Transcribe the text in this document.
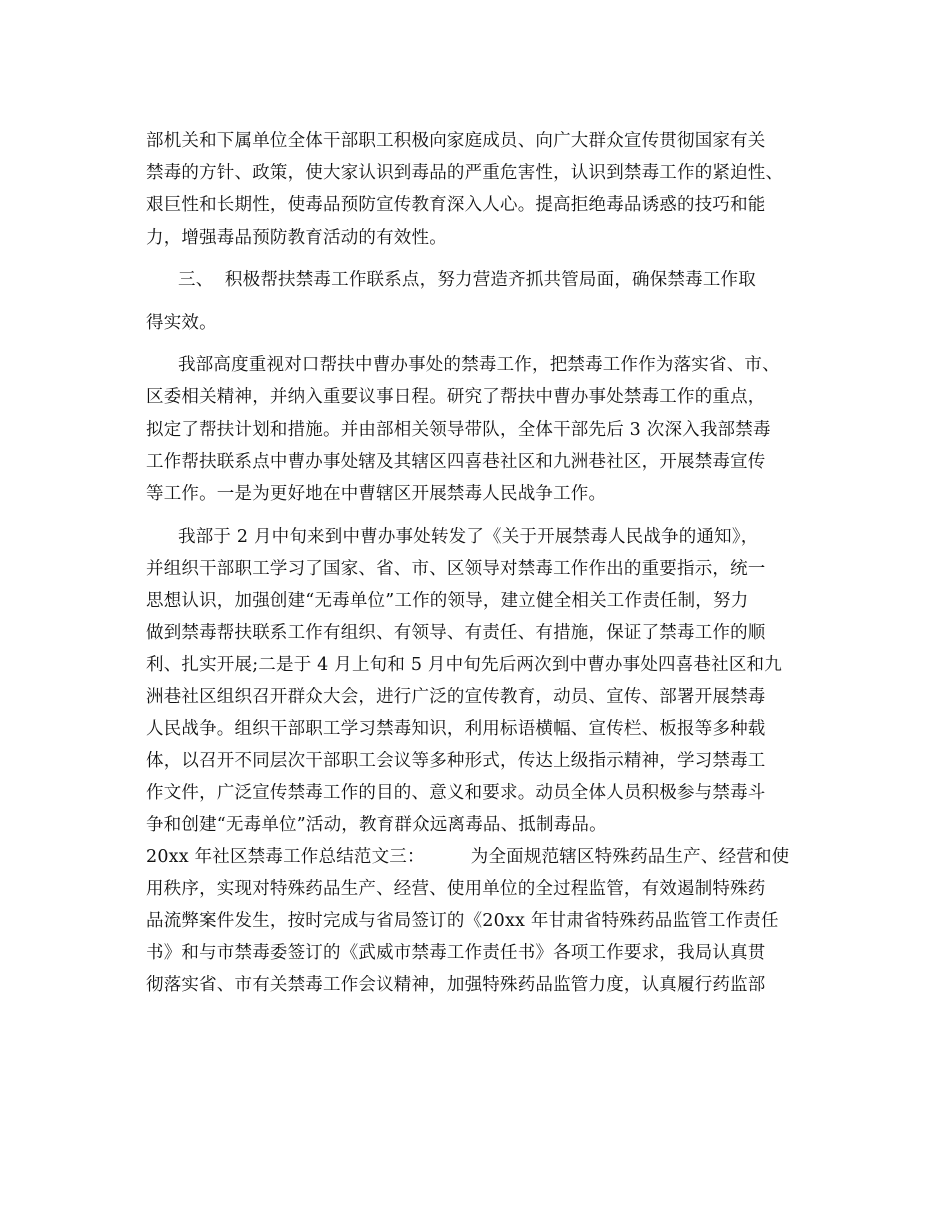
部机关和下属单位全体干部职工积极向家庭成员、向广大群众宣传贯彻国家有关
禁毒的方针、政策，使大家认识到毒品的严重危害性，认识到禁毒工作的紧迫性、
艰巨性和长期性，使毒品预防宣传教育深入人心。提高拒绝毒品诱惑的技巧和能
力，增强毒品预防教育活动的有效性。
三、  积极帮扶禁毒工作联系点，努力营造齐抓共管局面，确保禁毒工作取
得实效。
我部高度重视对口帮扶中曹办事处的禁毒工作，把禁毒工作作为落实省、市、
区委相关精神，并纳入重要议事日程。研究了帮扶中曹办事处禁毒工作的重点，
拟定了帮扶计划和措施。并由部相关领导带队，全体干部先后 3 次深入我部禁毒
工作帮扶联系点中曹办事处辖及其辖区四喜巷社区和九洲巷社区，开展禁毒宣传
等工作。一是为更好地在中曹辖区开展禁毒人民战争工作。
我部于 2 月中旬来到中曹办事处转发了《关于开展禁毒人民战争的通知》，
并组织干部职工学习了国家、省、市、区领导对禁毒工作作出的重要指示，统一
思想认识，加强创建“无毒单位”工作的领导，建立健全相关工作责任制，努力
做到禁毒帮扶联系工作有组织、有领导、有责任、有措施，保证了禁毒工作的顺
利、扎实开展;二是于 4 月上旬和 5 月中旬先后两次到中曹办事处四喜巷社区和九
洲巷社区组织召开群众大会，进行广泛的宣传教育，动员、宣传、部署开展禁毒
人民战争。组织干部职工学习禁毒知识，利用标语横幅、宣传栏、板报等多种载
体，以召开不同层次干部职工会议等多种形式，传达上级指示精神，学习禁毒工
作文件，广泛宣传禁毒工作的目的、意义和要求。动员全体人员积极参与禁毒斗
争和创建“无毒单位”活动，教育群众远离毒品、抵制毒品。
20xx 年社区禁毒工作总结范文三：        为全面规范辖区特殊药品生产、经营和使
用秩序，实现对特殊药品生产、经营、使用单位的全过程监管，有效遏制特殊药
品流弊案件发生，按时完成与省局签订的《20xx 年甘肃省特殊药品监管工作责任
书》和与市禁毒委签订的《武威市禁毒工作责任书》各项工作要求，我局认真贯
彻落实省、市有关禁毒工作会议精神，加强特殊药品监管力度，认真履行药监部
